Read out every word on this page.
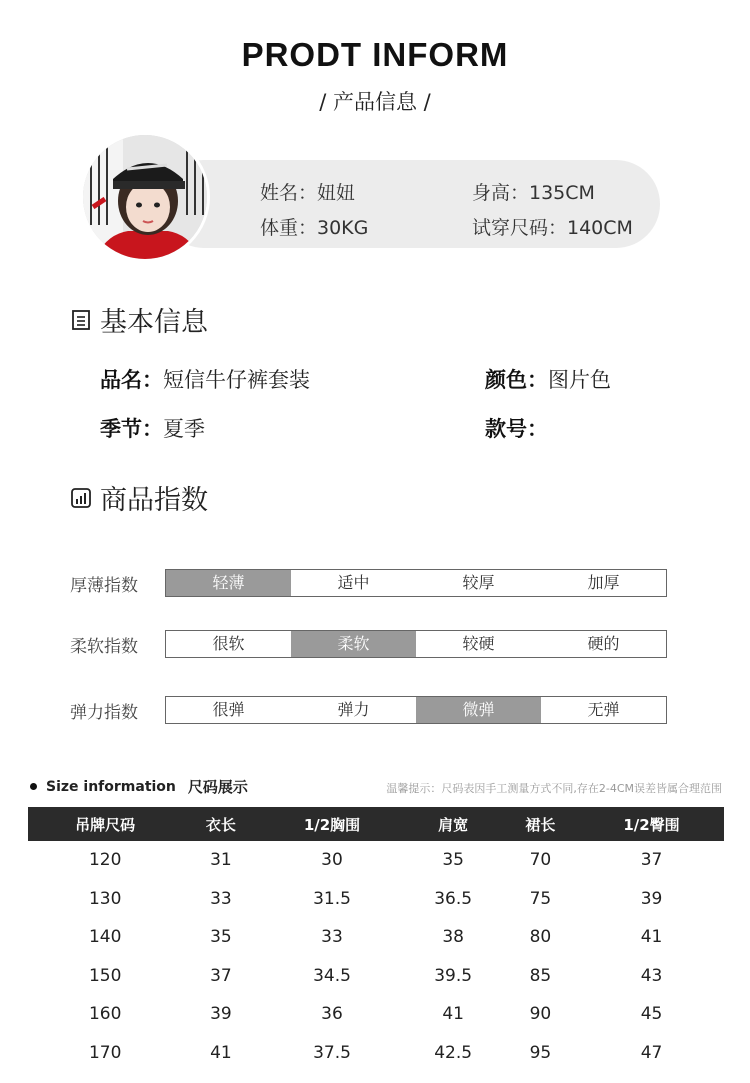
PRODT INFORM
/ 产品信息 /
姓名：妞妞
体重：30KG
身高：135CM
试穿尺码：140CM
基本信息
品名：短信牛仔裤套装	颜色：图片色
季节：夏季	款号：
商品指数
厚薄指数	轻薄	适中	较厚	加厚
柔软指数	很软	柔软	较硬	硬的
弹力指数	很弹	弹力	微弹	无弹
Size information 尺码展示	温馨提示：尺码表因手工测量方式不同,存在2-4CM误差皆属合理范围
吊牌尺码	衣长	1/2胸围	肩宽	裙长	1/2臀围
120	31	30	35	70	37
130	33	31.5	36.5	75	39
140	35	33	38	80	41
150	37	34.5	39.5	85	43
160	39	36	41	90	45
170	41	37.5	42.5	95	47
